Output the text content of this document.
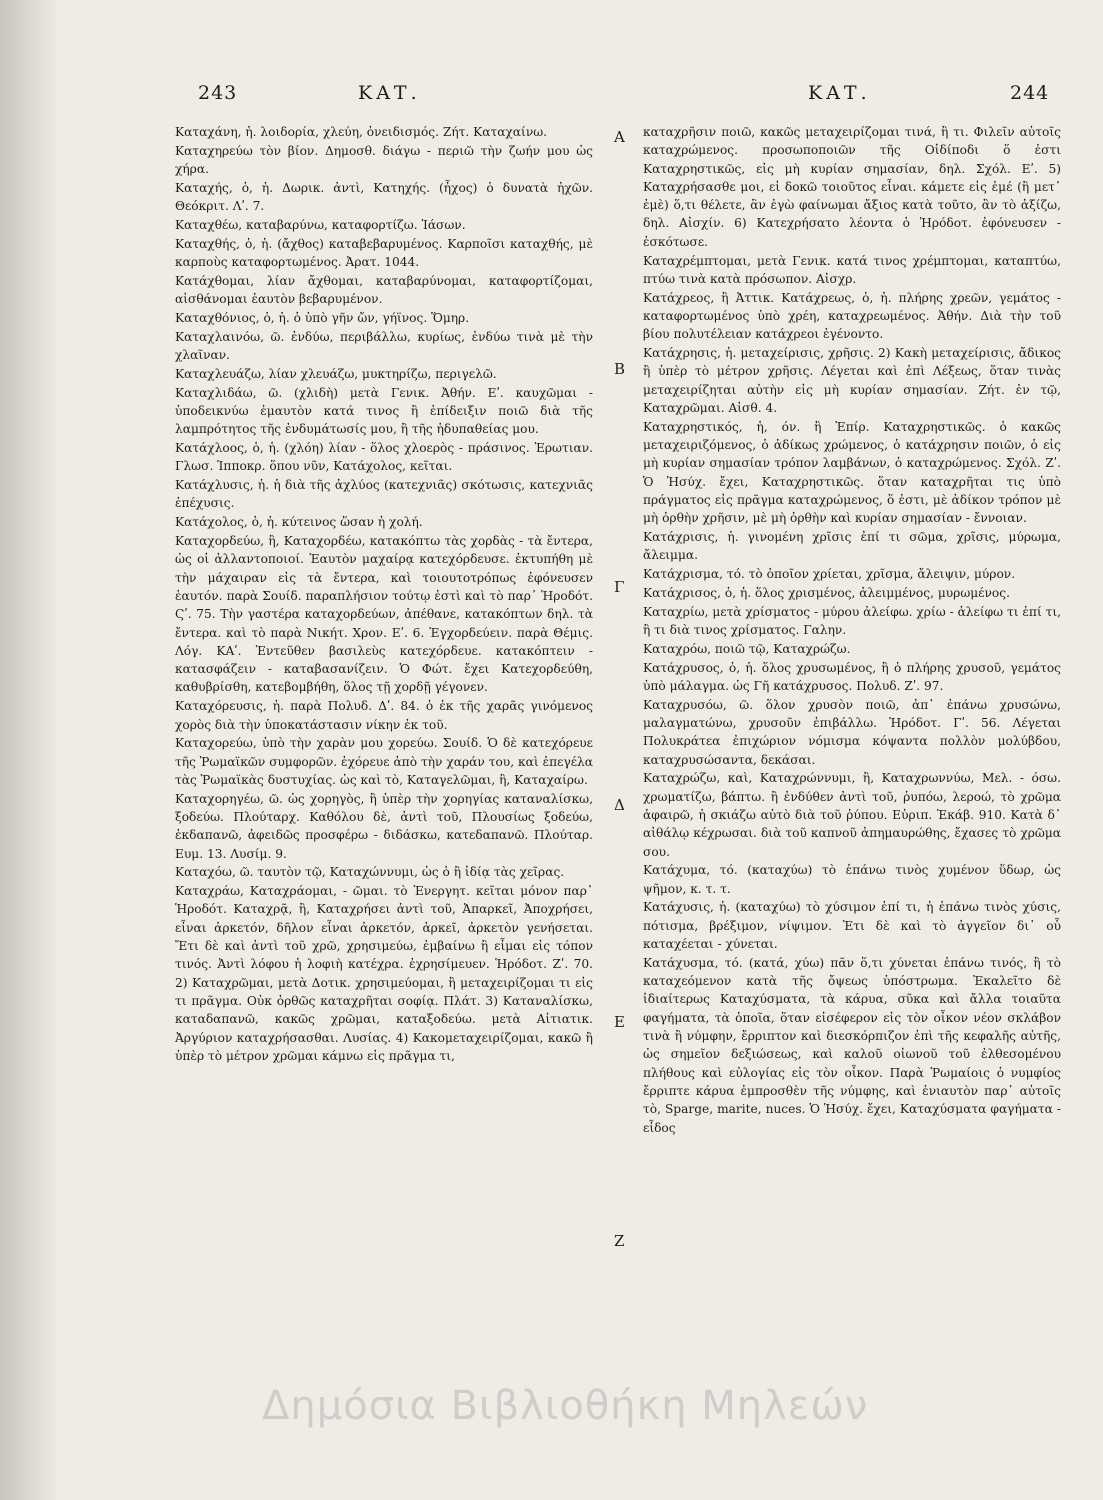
243	ΚΑΤ.	ΚΑΤ.	244

Καταχάνη, ἡ. λοιδορία, χλεύη, ὀνειδισμός. Ζήτ. Καταχαίνω.

Καταχηρεύω τὸν βίον. Δημοσθ. διάγω ‑ περιῶ τὴν ζωήν μου ὡς χήρα.

Καταχής, ὁ, ἡ. Δωρικ. ἀντὶ, Κατηχής. (ἦχος) ὁ δυνατὰ ἠχῶν. Θεόκριτ. Λʹ. 7.

Καταχθέω, καταβαρύνω, καταφορτίζω. Ἰάσων.

Καταχθής, ὁ, ἡ. (ἄχθος) καταβεβαρυμένος. Καρποῖσι καταχθής, μὲ καρποὺς καταφορτωμένος. Ἀρατ. 1044.

Κατάχθομαι, λίαν ἄχθομαι, καταβαρύνομαι, καταφορτίζομαι, αἰσθάνομαι ἑαυτὸν βεβαρυμένον.

Καταχθόνιος, ὁ, ἡ. ὁ ὑπὸ γῆν ὤν, γήϊνος. Ὅμηρ.

Καταχλαινόω, ῶ. ἐνδύω, περιβάλλω, κυρίως, ἐνδύω τινὰ μὲ τὴν χλαῖναν.

Καταχλευάζω, λίαν χλευάζω, μυκτηρίζω, περιγελῶ.

Καταχλιδάω, ῶ. (χλιδὴ) μετὰ Γενικ. Ἀθήν. Εʹ. καυχῶμαι ‑ ὑποδεικνύω ἐμαυτὸν κατά τινος ἢ ἐπίδειξιν ποιῶ διὰ τῆς λαμπρότητος τῆς ἐνδυμάτωσίς μου, ἢ τῆς ἡδυπαθείας μου.

Κατάχλοος, ὁ, ἡ. (χλόη) λίαν ‑ ὅλος χλοερὸς ‑ πράσινος. Ἐρωτιαν. Γλωσ. Ἱπποκρ. ὅπου νῦν, Κατάχολος, κεῖται.

Κατάχλυσις, ἡ. ἡ διὰ τῆς ἀχλύος (κατεχνιᾶς) σκότωσις, κατεχνιᾶς ἐπέχυσις.

Κατάχολος, ὁ, ἡ. κύτεινος ὥσαν ἡ χολή.

Καταχορδεύω, ἢ, Καταχορδέω, κατακόπτω τὰς χορδὰς ‑ τὰ ἔντερα, ὡς οἱ ἀλλαντοποιοί. Ἑαυτὸν μαχαίρᾳ κατεχόρδευσε. ἐκτυπήθη μὲ τὴν μάχαιραν εἰς τὰ ἔντερα, καὶ τοιουτοτρόπως ἐφόνευσεν ἑαυτόν. παρὰ Σουίδ. παραπλήσιον τούτῳ ἐστὶ καὶ τὸ παρ᾽ Ἡροδότ. Ϛʹ. 75. Τὴν γαστέρα καταχορδεύων, ἀπέθανε, κατακόπτων δηλ. τὰ ἔντερα. καὶ τὸ παρὰ Νικήτ. Χρον. Εʹ. 6. Ἐγχορδεύειν. παρὰ Θέμις. Λόγ. ΚΑʹ. Ἐντεῦθεν βασιλεὺς κατεχόρδευε. κατακόπτειν ‑ κατασφάζειν ‑ καταβασανίζειν. Ὁ Φώτ. ἔχει Κατεχορδεύθη, καθυβρίσθη, κατεβομβήθη, ὅλος τῇ χορδῇ γέγονεν.

Καταχόρευσις, ἡ. παρὰ Πολυδ. Δʹ. 84. ὁ ἐκ τῆς χαρᾶς γινόμενος χορὸς διὰ τὴν ὑποκατάστασιν νίκην ἐκ τοῦ.

Καταχορεύω, ὑπὸ τὴν χαρὰν μου χορεύω. Σουίδ. Ὁ δὲ κατεχόρευε τῆς Ῥωμαϊκῶν συμφορῶν. ἐχόρευε ἀπὸ τὴν χαράν του, καὶ ἐπεγέλα τὰς Ῥωμαϊκὰς δυστυχίας. ὡς καὶ τὸ, Καταγελῶμαι, ἢ, Καταχαίρω.

Καταχορηγέω, ῶ. ὡς χορηγὸς, ἢ ὑπὲρ τὴν χορηγίας καταναλίσκω, ξοδεύω. Πλούταρχ. Καθόλου δὲ, ἀντὶ τοῦ, Πλουσίως ξοδεύω, ἐκδαπανῶ, ἀφειδῶς προσφέρω ‑ διδάσκω, κατεδαπανῶ. Πλούταρ. Ευμ. 13. Λυσίμ. 9.

Καταχόω, ῶ. ταυτὸν τῷ, Καταχώννυμι, ὡς ὁ ἢ ἰδίᾳ τὰς χεῖρας.

Καταχράω, Καταχράομαι, ‑ ῶμαι. τὸ Ἐνεργητ. κεῖται μόνον παρ᾽ Ἡροδότ. Καταχρᾷ, ἢ, Καταχρήσει ἀντὶ τοῦ, Ἀπαρκεῖ, Ἀποχρήσει, εἶναι ἀρκετόν, δῆλον εἶναι ἀρκετόν, ἀρκεῖ, ἀρκετὸν γενήσεται. Ἔτι δὲ καὶ ἀντὶ τοῦ χρῶ, χρησιμεύω, ἐμβαίνω ἢ εἶμαι εἰς τόπον τινός. Ἀντὶ λόφου ἡ λοφιὴ κατέχρα. ἐχρησίμευεν. Ἡρόδοτ. Ζʹ. 70. 2) Καταχρῶμαι, μετὰ Δοτικ. χρησιμεύομαι, ἢ μεταχειρίζομαι τι εἰς τι πρᾶγμα. Οὐκ ὀρθῶς καταχρῆται σοφίᾳ. Πλάτ. 3) Καταναλίσκω, καταδαπανῶ, κακῶς χρῶμαι, καταξοδεύω. μετὰ Αἰτιατικ. Ἀργύριον καταχρήσασθαι. Λυσίας. 4) Κακομεταχειρίζομαι, κακῶ ἢ ὑπὲρ τὸ μέτρον χρῶμαι κάμνω εἰς πρᾶγμα τι,

Α
Β
Γ
Δ
Ε
Ζ

καταχρῆσιν ποιῶ, κακῶς μεταχειρίζομαι τινά, ἢ τι. Φιλεῖν αὐτοῖς καταχρώμενος. προσωποποιῶν τῆς Οἰδίποδι ὅ ἐστι Καταχρηστικῶς, εἰς μὴ κυρίαν σημασίαν, δηλ. Σχόλ. Εʹ. 5) Καταχρήσασθε μοι, εἰ δοκῶ τοιοῦτος εἶναι. κάμετε εἰς ἐμέ (ἢ μετ᾽ ἐμὲ) ὅ,τι θέλετε, ἂν ἐγὼ φαίνωμαι ἄξιος κατὰ τοῦτο, ἂν τὸ ἀξίζω, δηλ. Αἰσχίν. 6) Κατεχρήσατο λέοντα ὁ Ἡρόδοτ. ἐφόνευσεν ‑ ἐσκότωσε.

Καταχρέμπτομαι, μετὰ Γενικ. κατά τινος χρέμπτομαι, καταπτύω, πτύω τινὰ κατὰ πρόσωπον. Αἰσχρ.

Κατάχρεος, ἢ Ἀττικ. Κατάχρεως, ὁ, ἡ. πλήρης χρεῶν, γεμάτος ‑ καταφορτωμένος ὑπὸ χρέη, καταχρεωμένος. Ἀθήν. Διὰ τὴν τοῦ βίου πολυτέλειαν κατάχρεοι ἐγένοντο.

Κατάχρησις, ἡ. μεταχείρισις, χρῆσις. 2) Κακὴ μεταχείρισις, ἄδικος ἢ ὑπὲρ τὸ μέτρον χρῆσις. Λέγεται καὶ ἐπὶ Λέξεως, ὅταν τινὰς μεταχειρίζηται αὐτὴν εἰς μὴ κυρίαν σημασίαν. Ζήτ. ἐν τῷ, Καταχρῶμαι. Αἰσθ. 4.

Καταχρηστικός, ἡ, όν. ἢ Ἐπίρ. Καταχρηστικῶς. ὁ κακῶς μεταχειριζόμενος, ὁ ἀδίκως χρώμενος, ὁ κατάχρησιν ποιῶν, ὁ εἰς μὴ κυρίαν σημασίαν τρόπον λαμβάνων, ὁ καταχρώμενος. Σχόλ. Ζʹ. Ὁ Ἡσύχ. ἔχει, Καταχρηστικῶς. ὅταν καταχρῆται τις ὑπὸ πράγματος εἰς πρᾶγμα καταχρώμενος, ὅ ἐστι, μὲ ἀδίκον τρόπον μὲ μὴ ὀρθὴν χρῆσιν, μὲ μὴ ὀρθὴν καὶ κυρίαν σημασίαν ‑ ἔννοιαν.

Κατάχρισις, ἡ. γινομένη χρῖσις ἐπί τι σῶμα, χρῖσις, μύρωμα, ἄλειμμα.

Κατάχρισμα, τό. τὸ ὁποῖον χρίεται, χρῖσμα, ἄλειψιν, μύρον.

Κατάχρισος, ὁ, ἡ. ὅλος χρισμένος, ἀλειμμένος, μυρωμένος.

Καταχρίω, μετὰ χρίσματος ‑ μύρου ἀλείφω. χρίω ‑ ἀλείφω τι ἐπί τι, ἢ τι διὰ τινος χρίσματος. Γαλην.

Καταχρόω, ποιῶ τῷ, Καταχρώζω.

Κατάχρυσος, ὁ, ἡ. ὅλος χρυσωμένος, ἢ ὁ πλήρης χρυσοῦ, γεμάτος ὑπὸ μάλαγμα. ὡς Γῆ κατάχρυσος. Πολυδ. Ζʹ. 97.

Καταχρυσόω, ῶ. ὅλον χρυσὸν ποιῶ, ἀπ᾽ ἐπάνω χρυσώνω, μαλαγματώνω, χρυσοῦν ἐπιβάλλω. Ἡρόδοτ. Γʹ. 56. Λέγεται Πολυκράτεα ἐπιχώριον νόμισμα κόψαντα πολλὸν μολύβδου, καταχρυσώσαντα, δεκάσαι.

Καταχρώζω, καὶ, Καταχρώννυμι, ἢ, Καταχρωννύω, Μελ. ‑ όσω. χρωματίζω, βάπτω. ἢ ἐνδύθεν ἀντὶ τοῦ, ῥυπόω, λεροώ, τὸ χρῶμα ἀφαιρῶ, ἡ σκιάζω αὐτὸ διὰ τοῦ ῥύπου. Εὐριπ. Ἑκάβ. 910. Κατὰ δ᾽ αἰθάλῳ κέχρωσαι. διὰ τοῦ καπνοῦ ἀπημαυρώθης, ἔχασες τὸ χρῶμα σου.

Κατάχυμα, τό. (καταχύω) τὸ ἐπάνω τινὸς χυμένον ὕδωρ, ὡς ψῆμον, κ. τ. τ.

Κατάχυσις, ἡ. (καταχύω) τὸ χύσιμον ἐπί τι, ἡ ἐπάνω τινὸς χύσις, πότισμα, βρέξιμον, νίψιμον. Ἐτι δὲ καὶ τὸ ἀγγεῖον δι᾽ οὗ καταχέεται ‑ χύνεται.

Κατάχυσμα, τό. (κατά, χύω) πᾶν ὅ,τι χύνεται ἐπάνω τινός, ἢ τὸ καταχεόμενον κατὰ τῆς ὄψεως ὑπόστρωμα. Ἐκαλεῖτο δὲ ἰδιαίτερως Καταχύσματα, τὰ κάρυα, σῦκα καὶ ἄλλα τοιαῦτα φαγήματα, τὰ ὁποῖα, ὅταν εἰσέφερον εἰς τὸν οἶκον νέον σκλάβον τινὰ ἢ νύμφην, ἔρριπτον καὶ διεσκόρπιζον ἐπὶ τῆς κεφαλῆς αὐτῆς, ὡς σημεῖον δεξιώσεως, καὶ καλοῦ οἰωνοῦ τοῦ ἐλθεσομένου πλήθους καὶ εὐλογίας εἰς τὸν οἶκον. Παρὰ Ῥωμαίοις ὁ νυμφίος ἔρριπτε κάρυα ἐμπροσθὲν τῆς νύμφης, καὶ ἐνιαυτὸν παρ᾽ αὐτοῖς τὸ, Sparge, marite, nuces. Ὁ Ἡσύχ. ἔχει, Καταχύσματα φαγήματα ‑ εἶδος

Δημόσια Βιβλιοθήκη Μηλεών
